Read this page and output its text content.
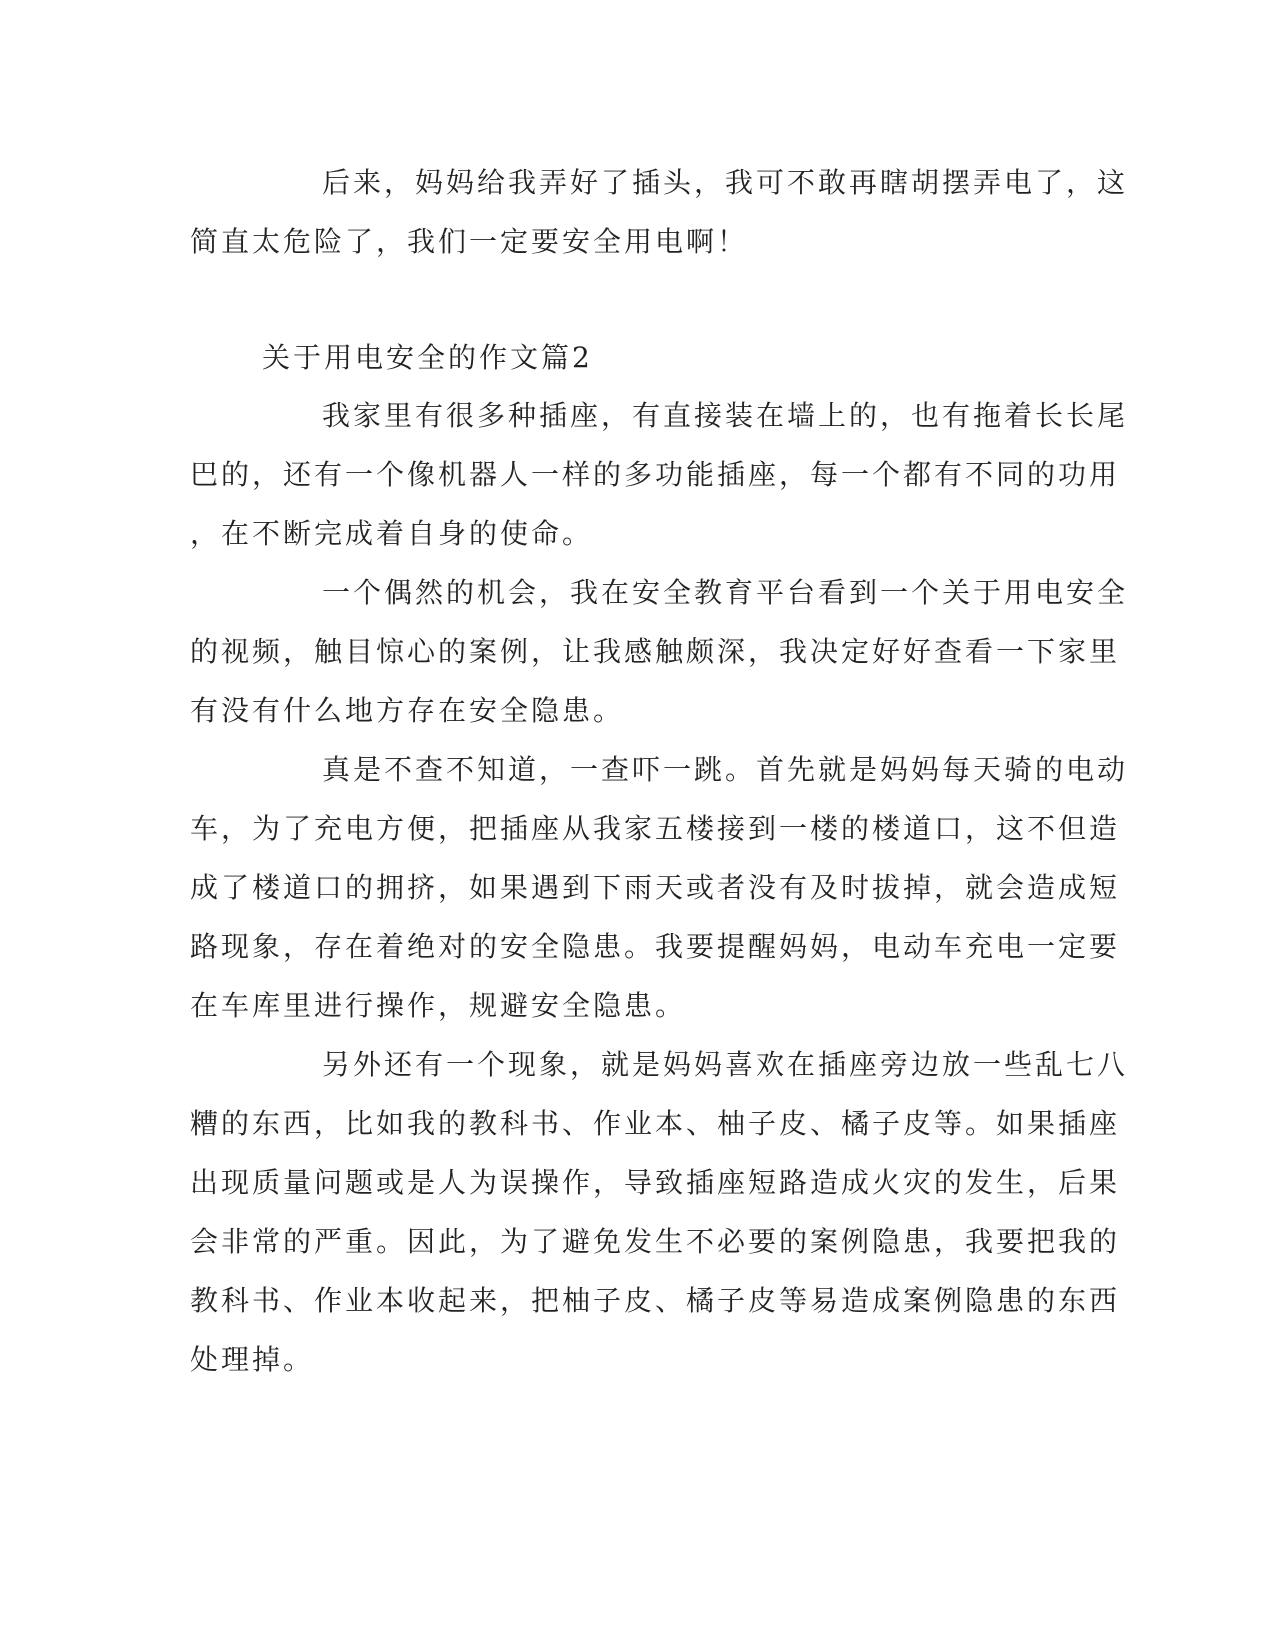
后来，妈妈给我弄好了插头，我可不敢再瞎胡摆弄电了，这
简直太危险了，我们一定要安全用电啊！
关于用电安全的作文篇2
我家里有很多种插座，有直接装在墙上的，也有拖着长长尾
巴的，还有一个像机器人一样的多功能插座，每一个都有不同的功用
，在不断完成着自身的使命。
一个偶然的机会，我在安全教育平台看到一个关于用电安全
的视频，触目惊心的案例，让我感触颇深，我决定好好查看一下家里
有没有什么地方存在安全隐患。
真是不查不知道，一查吓一跳。首先就是妈妈每天骑的电动
车，为了充电方便，把插座从我家五楼接到一楼的楼道口，这不但造
成了楼道口的拥挤，如果遇到下雨天或者没有及时拔掉，就会造成短
路现象，存在着绝对的安全隐患。我要提醒妈妈，电动车充电一定要
在车库里进行操作，规避安全隐患。
另外还有一个现象，就是妈妈喜欢在插座旁边放一些乱七八
糟的东西，比如我的教科书、作业本、柚子皮、橘子皮等。如果插座
出现质量问题或是人为误操作，导致插座短路造成火灾的发生，后果
会非常的严重。因此，为了避免发生不必要的案例隐患，我要把我的
教科书、作业本收起来，把柚子皮、橘子皮等易造成案例隐患的东西
处理掉。
